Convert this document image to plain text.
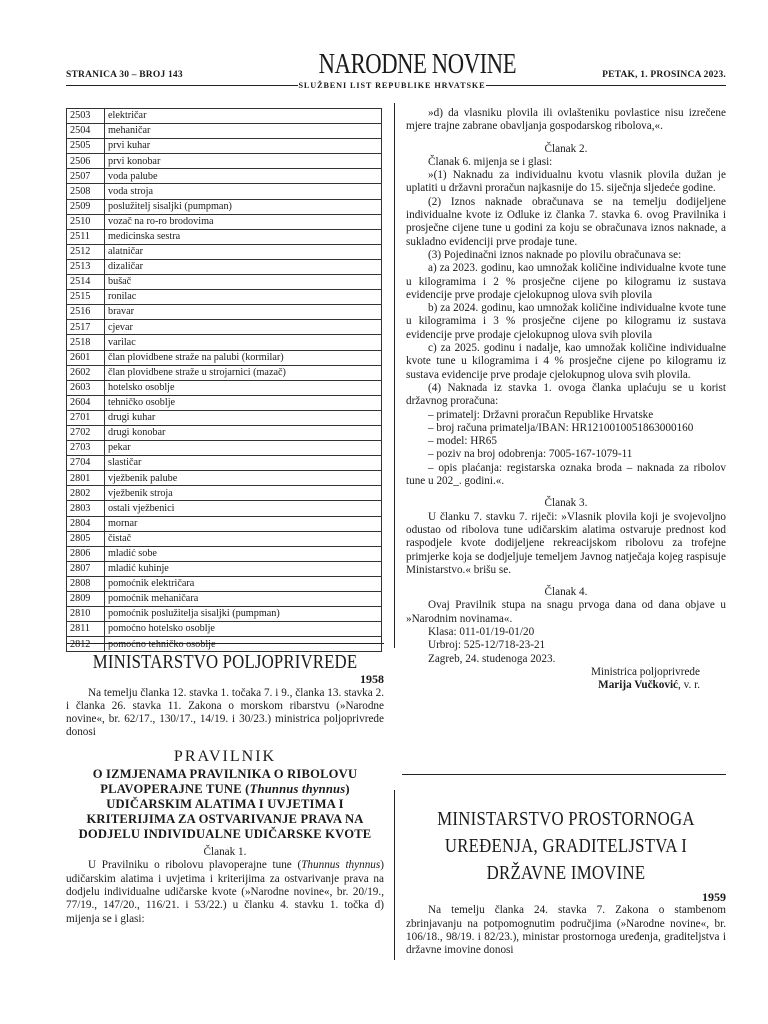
STRANICA 30 – BROJ 143	NARODNE NOVINE
SLUŽBENI LIST REPUBLIKE HRVATSKE
PETAK, 1. PROSINCA 2023.
2503	električar
2504	mehaničar
2505	prvi kuhar
2506	prvi konobar
2507	voda palube
2508	voda stroja
2509	poslužitelj sisaljki (pumpman)
2510	vozač na ro-ro brodovima
2511	medicinska sestra
2512	alatničar
2513	dizaličar
2514	bušač
2515	ronilac
2516	bravar
2517	cjevar
2518	varilac
2601	član plovidbene straže na palubi (kormilar)
2602	član plovidbene straže u strojarnici (mazač)
2603	hotelsko osoblje
2604	tehničko osoblje
2701	drugi kuhar
2702	drugi konobar
2703	pekar
2704	slastičar
2801	vježbenik palube
2802	vježbenik stroja
2803	ostali vježbenici
2804	mornar
2805	čistač
2806	mladić sobe
2807	mladić kuhinje
2808	pomoćnik električara
2809	pomoćnik mehaničara
2810	pomoćnik poslužitelja sisaljki (pumpman)
2811	pomoćno hotelsko osoblje
2812	pomoćno tehničko osoblje
MINISTARSTVO POLJOPRIVREDE
1958

Na temelju članka 12. stavka 1. točaka 7. i 9., članka 13. stavka 2. i članka 26. stavka 11. Zakona o morskom ribarstvu (»Narodne novine«, br. 62/17., 130/17., 14/19. i 30/23.) ministrica poljoprivrede donosi

PRAVILNIK
O IZMJENAMA PRAVILNIKA O RIBOLOVU PLAVOPERAJNE TUNE (Thunnus thynnus) UDIČARSKIM ALATIMA I UVJETIMA I KRITERIJIMA ZA OSTVARIVANJE PRAVA NA DODJELU INDIVIDUALNE UDIČARSKE KVOTE

Članak 1.

U Pravilniku o ribolovu plavoperajne tune (Thunnus thynnus) udičarskim alatima i uvjetima i kriterijima za ostvarivanje prava na dodjelu individualne udičarske kvote (»Narodne novine«, br. 20/19., 77/19., 147/20., 116/21. i 53/22.) u članku 4. stavku 1. točka d) mijenja se i glasi:

»d) da vlasniku plovila ili ovlašteniku povlastice nisu izrečene mjere trajne zabrane obavljanja gospodarskog ribolova,«.

Članak 2.

Članak 6. mijenja se i glasi:

»(1) Naknadu za individualnu kvotu vlasnik plovila dužan je uplatiti u državni proračun najkasnije do 15. siječnja sljedeće godine.

(2) Iznos naknade obračunava se na temelju dodijeljene individualne kvote iz Odluke iz članka 7. stavka 6. ovog Pravilnika i prosječne cijene tune u godini za koju se obračunava iznos naknade, a sukladno evidenciji prve prodaje tune.

(3) Pojedinačni iznos naknade po plovilu obračunava se:

a) za 2023. godinu, kao umnožak količine individualne kvote tune u kilogramima i 2 % prosječne cijene po kilogramu iz sustava evidencije prve prodaje cjelokupnog ulova svih plovila

b) za 2024. godinu, kao umnožak količine individualne kvote tune u kilogramima i 3 % prosječne cijene po kilogramu iz sustava evidencije prve prodaje cjelokupnog ulova svih plovila

c) za 2025. godinu i nadalje, kao umnožak količine individualne kvote tune u kilogramima i 4 % prosječne cijene po kilogramu iz sustava evidencije prve prodaje cjelokupnog ulova svih plovila.

(4) Naknada iz stavka 1. ovoga članka uplaćuju se u korist državnog proračuna:

– primatelj: Državni proračun Republike Hrvatske

– broj računa primatelja/IBAN: HR1210010051863000160

– model: HR65

– poziv na broj odobrenja: 7005-167-1079-11

– opis plaćanja: registarska oznaka broda – naknada za ribolov tune u 202_. godini.«.

Članak 3.

U članku 7. stavku 7. riječi: »Vlasnik plovila koji je svojevoljno odustao od ribolova tune udičarskim alatima ostvaruje prednost kod raspodjele kvote dodijeljene rekreacijskom ribolovu za trofejne primjerke koja se dodjeljuje temeljem Javnog natječaja kojeg raspisuje Ministarstvo.« brišu se.

Članak 4.

Ovaj Pravilnik stupa na snagu prvoga dana od dana objave u »Narodnim novinama«.

Klasa: 011-01/19-01/20

Urbroj: 525-12/718-23-21

Zagreb, 24. studenoga 2023.

Ministrica poljoprivrede

Marija Vučković, v. r.

MINISTARSTVO PROSTORNOGA UREĐENJA, GRADITELJSTVA I DRŽAVNE IMOVINE
1959

Na temelju članka 24. stavka 7. Zakona o stambenom zbrinjavanju na potpomognutim područjima (»Narodne novine«, br. 106/18., 98/19. i 82/23.), ministar prostornoga uređenja, graditeljstva i državne imovine donosi
